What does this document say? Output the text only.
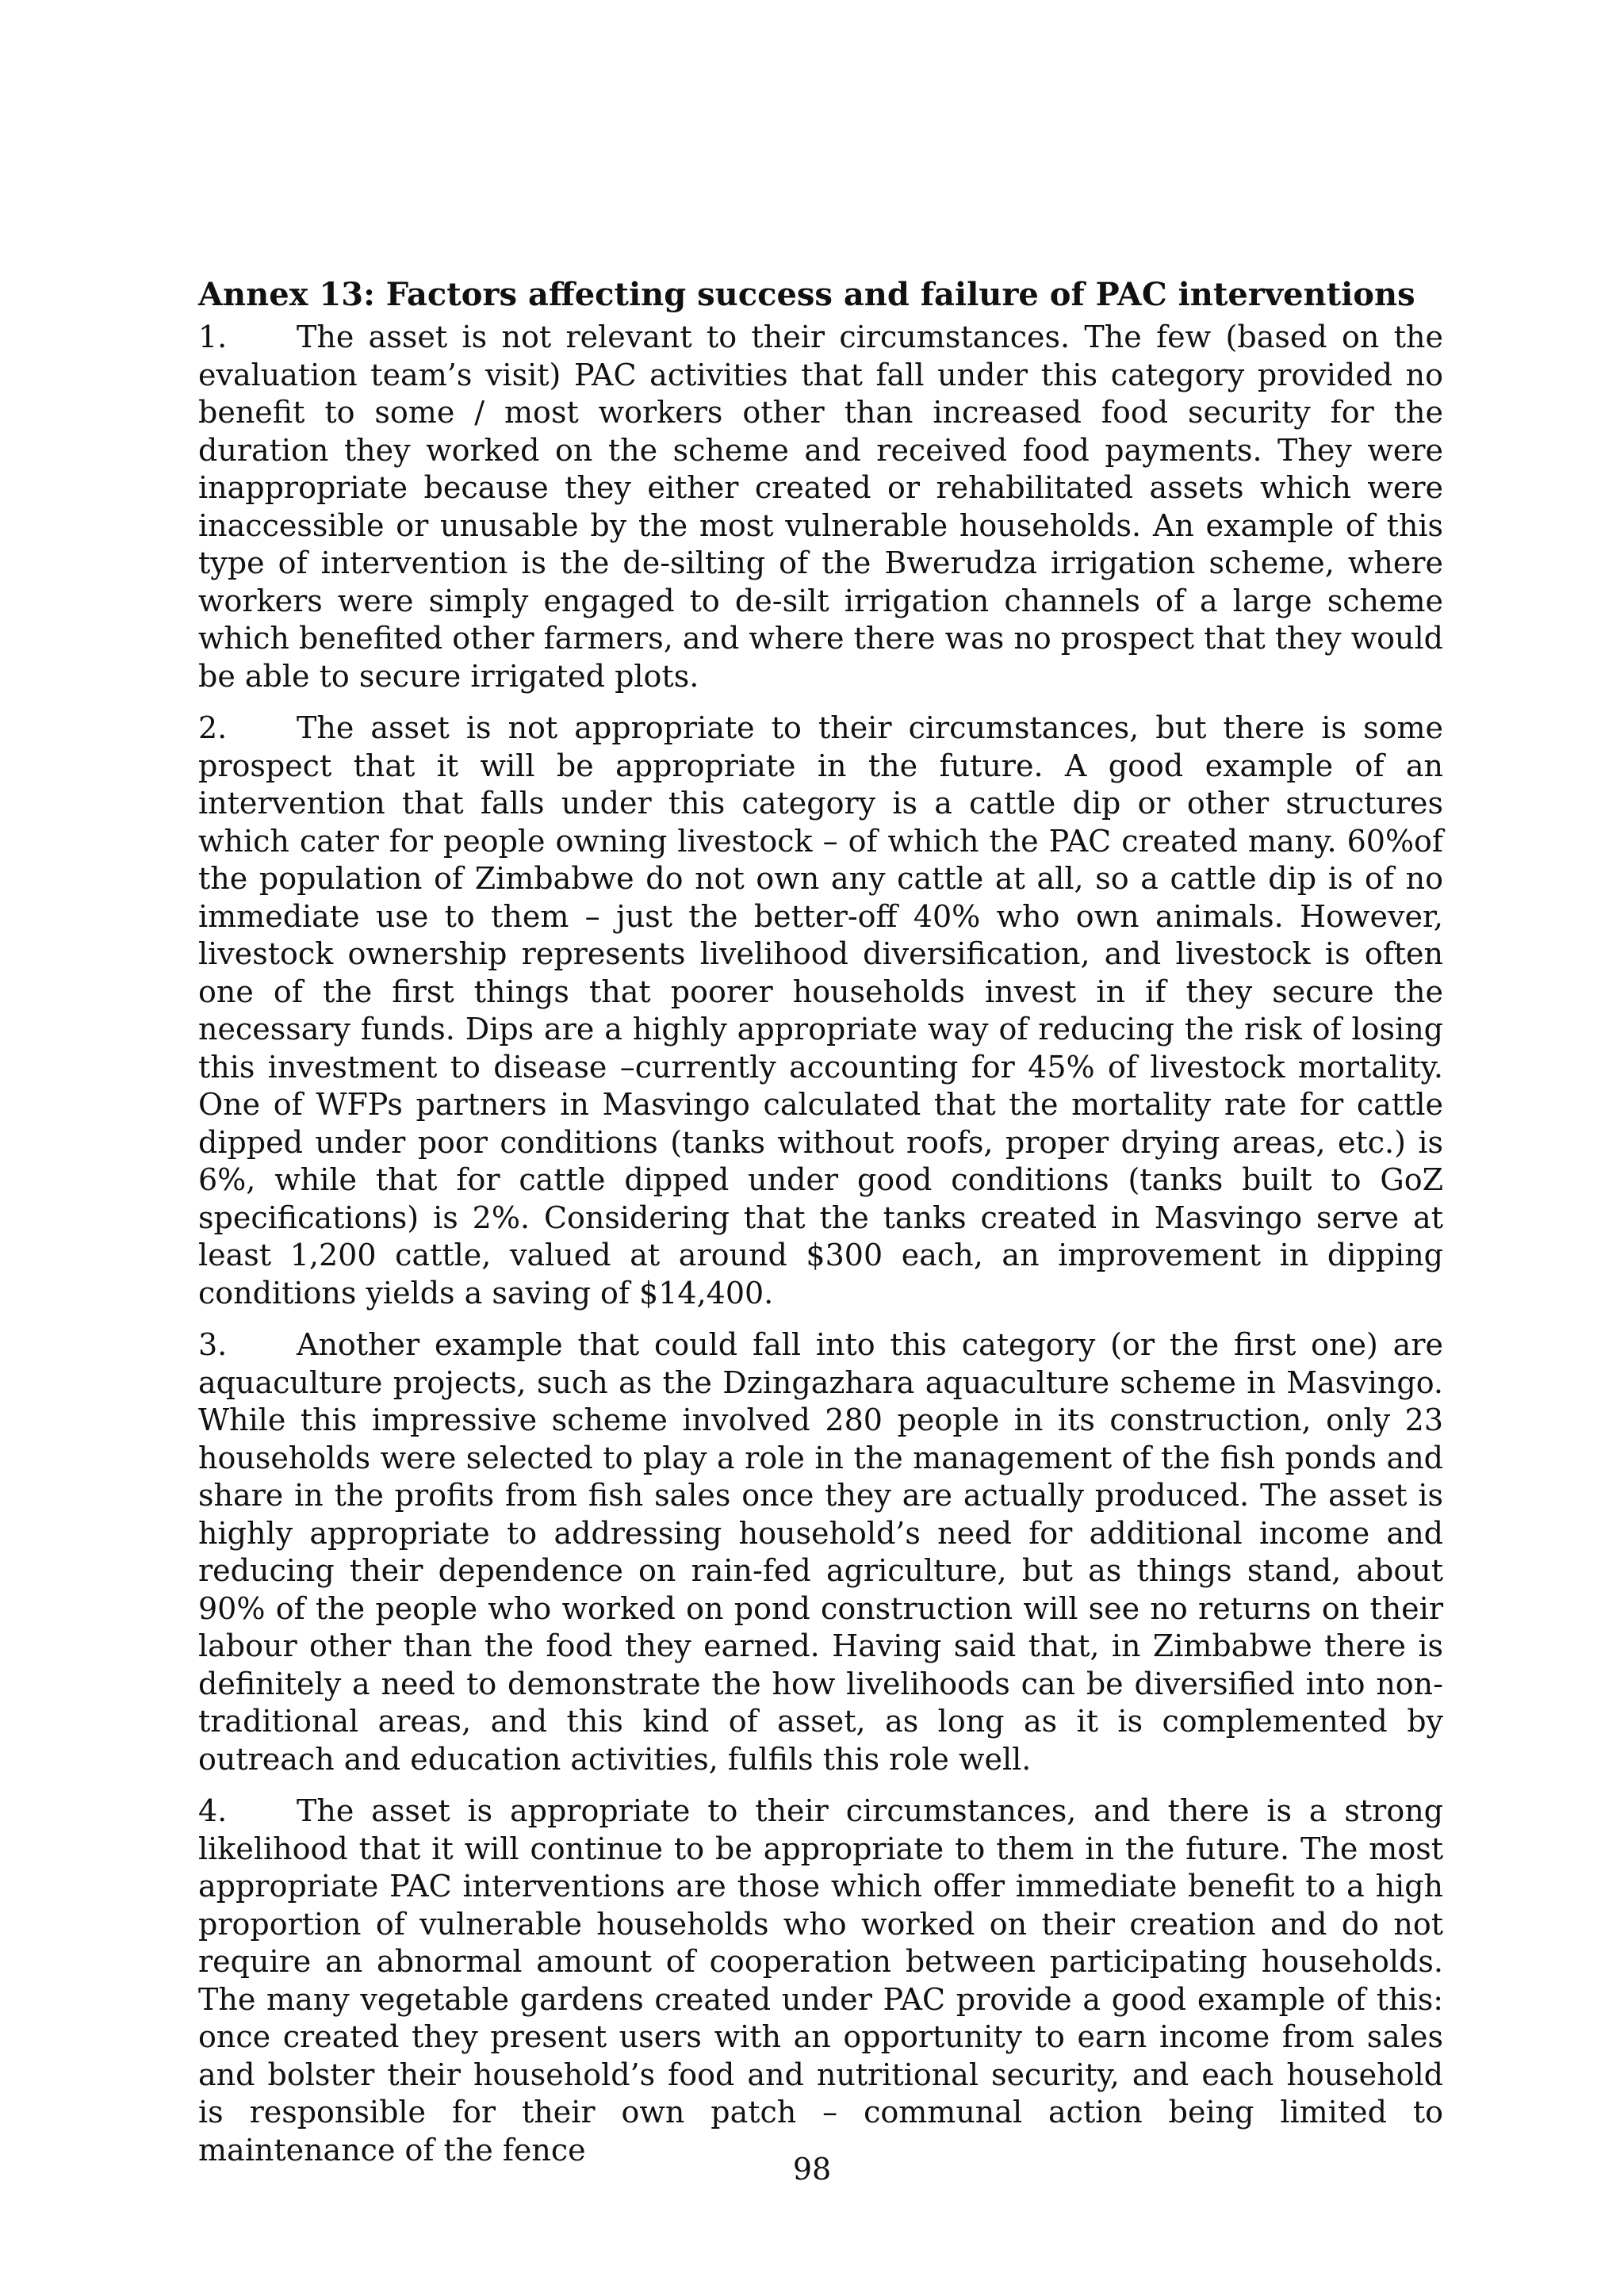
Annex 13: Factors affecting success and failure of PAC interventions

1. The asset is not relevant to their circumstances. The few (based on the evaluation team’s visit) PAC activities that fall under this category provided no benefit to some / most workers other than increased food security for the duration they worked on the scheme and received food payments. They were inappropriate because they either created or rehabilitated assets which were inaccessible or unusable by the most vulnerable households. An example of this type of intervention is the de-silting of the Bwerudza irrigation scheme, where workers were simply engaged to de-silt irrigation channels of a large scheme which benefited other farmers, and where there was no prospect that they would be able to secure irrigated plots.

2. The asset is not appropriate to their circumstances, but there is some prospect that it will be appropriate in the future. A good example of an intervention that falls under this category is a cattle dip or other structures which cater for people owning livestock – of which the PAC created many. 60%of the population of Zimbabwe do not own any cattle at all, so a cattle dip is of no immediate use to them – just the better-off 40% who own animals. However, livestock ownership represents livelihood diversification, and livestock is often one of the first things that poorer households invest in if they secure the necessary funds. Dips are a highly appropriate way of reducing the risk of losing this investment to disease –currently accounting for 45% of livestock mortality. One of WFPs partners in Masvingo calculated that the mortality rate for cattle dipped under poor conditions (tanks without roofs, proper drying areas, etc.) is 6%, while that for cattle dipped under good conditions (tanks built to GoZ specifications) is 2%. Considering that the tanks created in Masvingo serve at least 1,200 cattle, valued at around $300 each, an improvement in dipping conditions yields a saving of $14,400.

3. Another example that could fall into this category (or the first one) are aquaculture projects, such as the Dzingazhara aquaculture scheme in Masvingo. While this impressive scheme involved 280 people in its construction, only 23 households were selected to play a role in the management of the fish ponds and share in the profits from fish sales once they are actually produced. The asset is highly appropriate to addressing household’s need for additional income and reducing their dependence on rain-fed agriculture, but as things stand, about 90% of the people who worked on pond construction will see no returns on their labour other than the food they earned. Having said that, in Zimbabwe there is definitely a need to demonstrate the how livelihoods can be diversified into non-traditional areas, and this kind of asset, as long as it is complemented by outreach and education activities, fulfils this role well.

4. The asset is appropriate to their circumstances, and there is a strong likelihood that it will continue to be appropriate to them in the future. The most appropriate PAC interventions are those which offer immediate benefit to a high proportion of vulnerable households who worked on their creation and do not require an abnormal amount of cooperation between participating households. The many vegetable gardens created under PAC provide a good example of this: once created they present users with an opportunity to earn income from sales and bolster their household’s food and nutritional security, and each household is responsible for their own patch – communal action being limited to maintenance of the fence

98
